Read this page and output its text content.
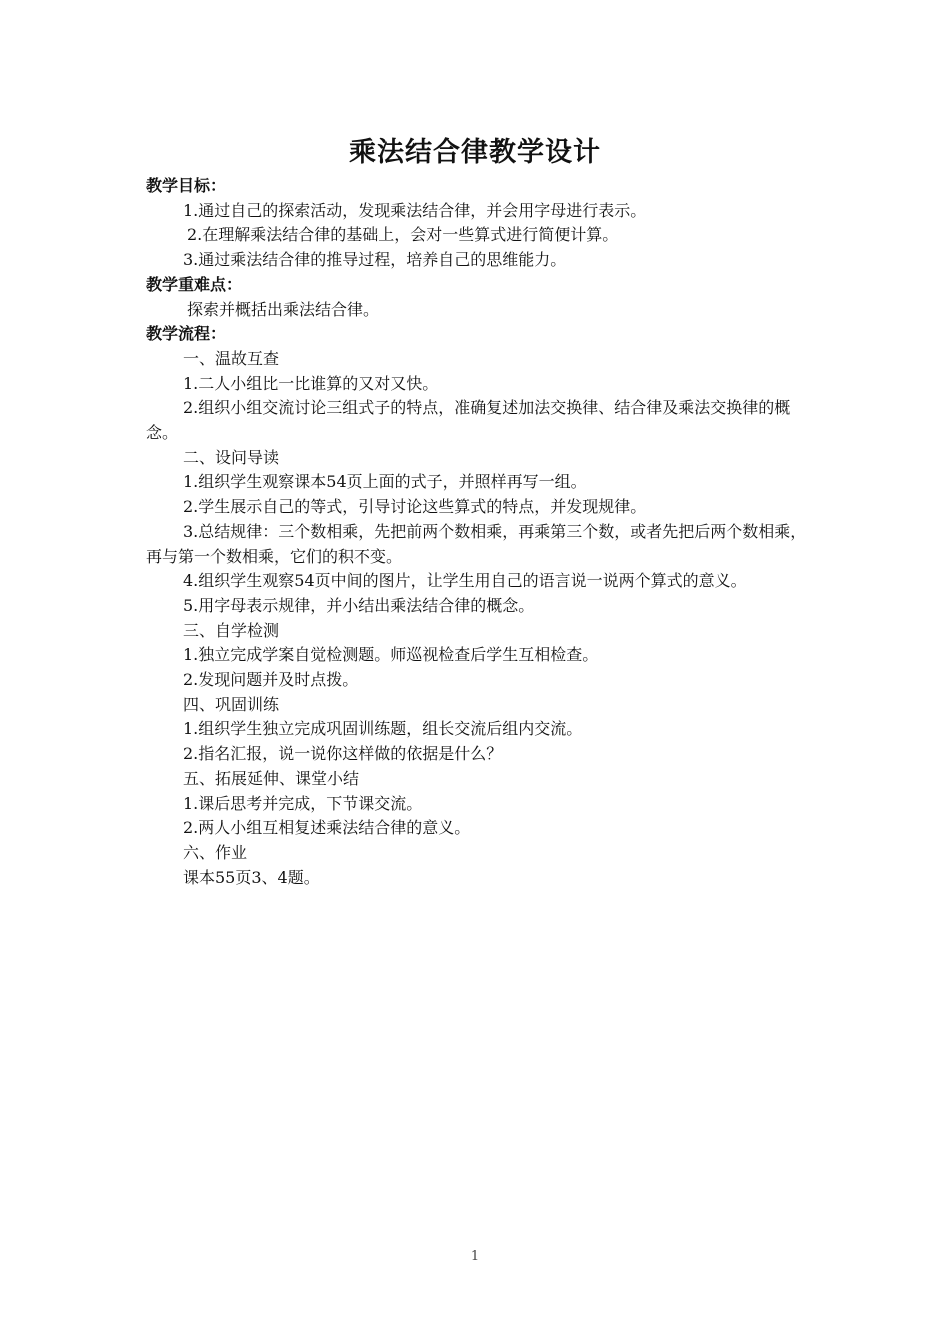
乘法结合律教学设计
教学目标：
1.通过自己的探索活动，发现乘法结合律，并会用字母进行表示。
2.在理解乘法结合律的基础上，会对一些算式进行简便计算。
3.通过乘法结合律的推导过程，培养自己的思维能力。
教学重难点：
探索并概括出乘法结合律。
教学流程：
一、温故互查
1.二人小组比一比谁算的又对又快。
2.组织小组交流讨论三组式子的特点，准确复述加法交换律、结合律及乘法交换律的概念。
二、设问导读
1.组织学生观察课本54页上面的式子，并照样再写一组。
2.学生展示自己的等式，引导讨论这些算式的特点，并发现规律。
3.总结规律：三个数相乘，先把前两个数相乘，再乘第三个数，或者先把后两个数相乘，再与第一个数相乘，它们的积不变。
4.组织学生观察54页中间的图片，让学生用自己的语言说一说两个算式的意义。
5.用字母表示规律，并小结出乘法结合律的概念。
三、自学检测
1.独立完成学案自觉检测题。师巡视检查后学生互相检查。
2.发现问题并及时点拨。
四、巩固训练
1.组织学生独立完成巩固训练题，组长交流后组内交流。
2.指名汇报，说一说你这样做的依据是什么？
五、拓展延伸、课堂小结
1.课后思考并完成，下节课交流。
2.两人小组互相复述乘法结合律的意义。
六、作业
课本55页3、4题。
1
